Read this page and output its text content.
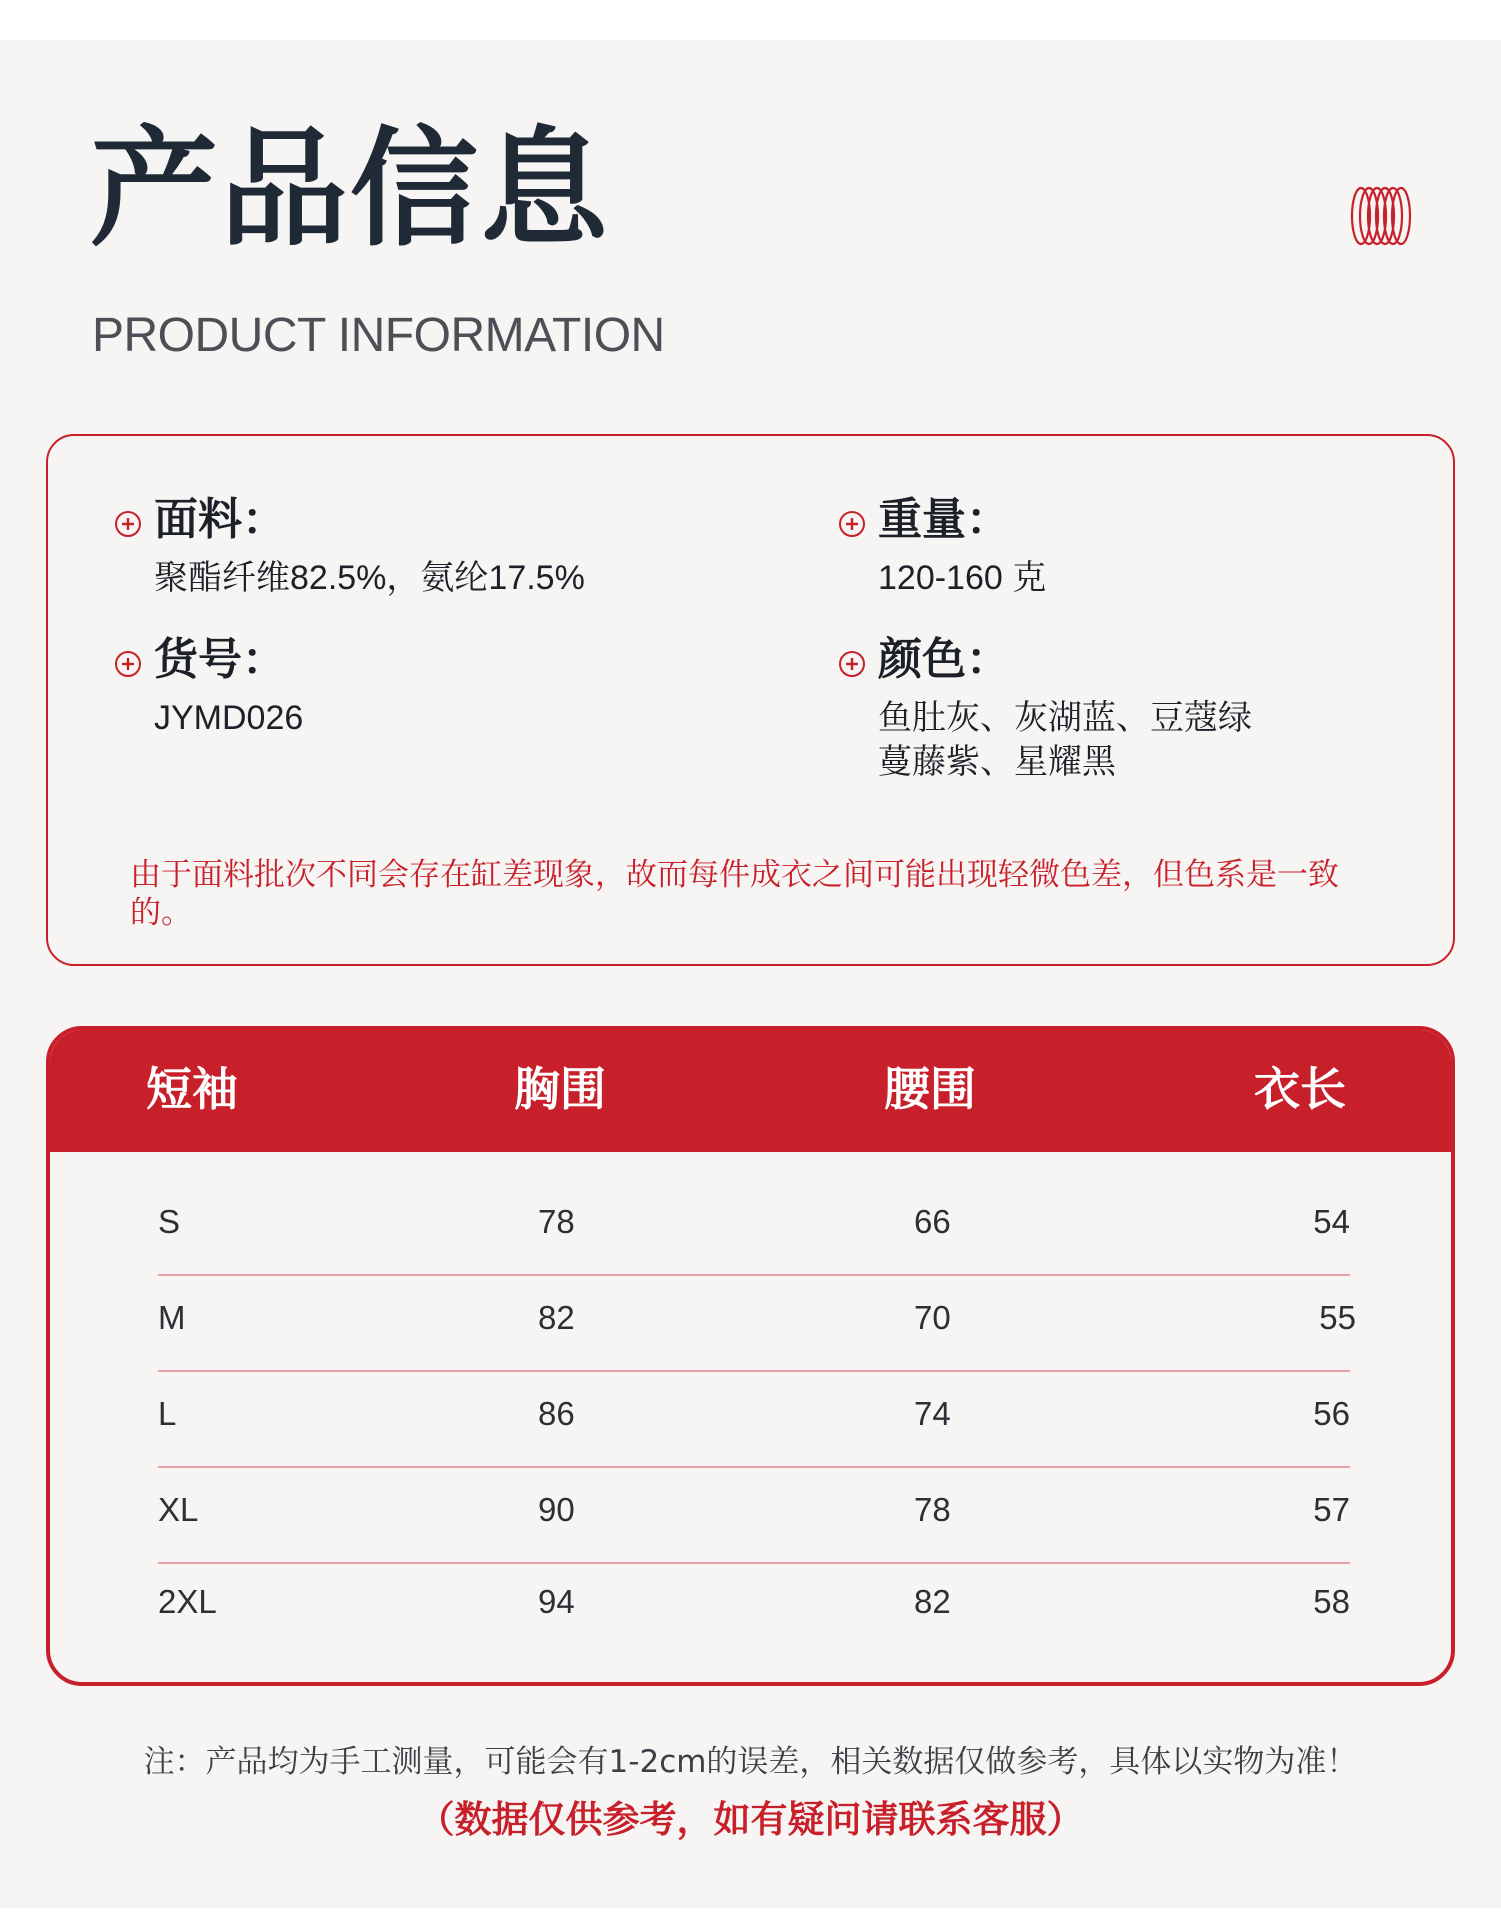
产品信息
PRODUCT INFORMATION
面料：
聚酯纤维82.5%，氨纶17.5%
重量：
120-160 克
货号：
JYMD026
颜色：
鱼肚灰、灰湖蓝、豆蔻绿
蔓藤紫、星耀黑
由于面料批次不同会存在缸差现象，故而每件成衣之间可能出现轻微色差，但色系是一致的。
短袖	胸围	腰围	衣长
S	78	66	54
M	82	70	55
L	86	74	56
XL	90	78	57
2XL	94	82	58
注：产品均为手工测量，可能会有1-2cm的误差，相关数据仅做参考，具体以实物为准！
（数据仅供参考，如有疑问请联系客服）
